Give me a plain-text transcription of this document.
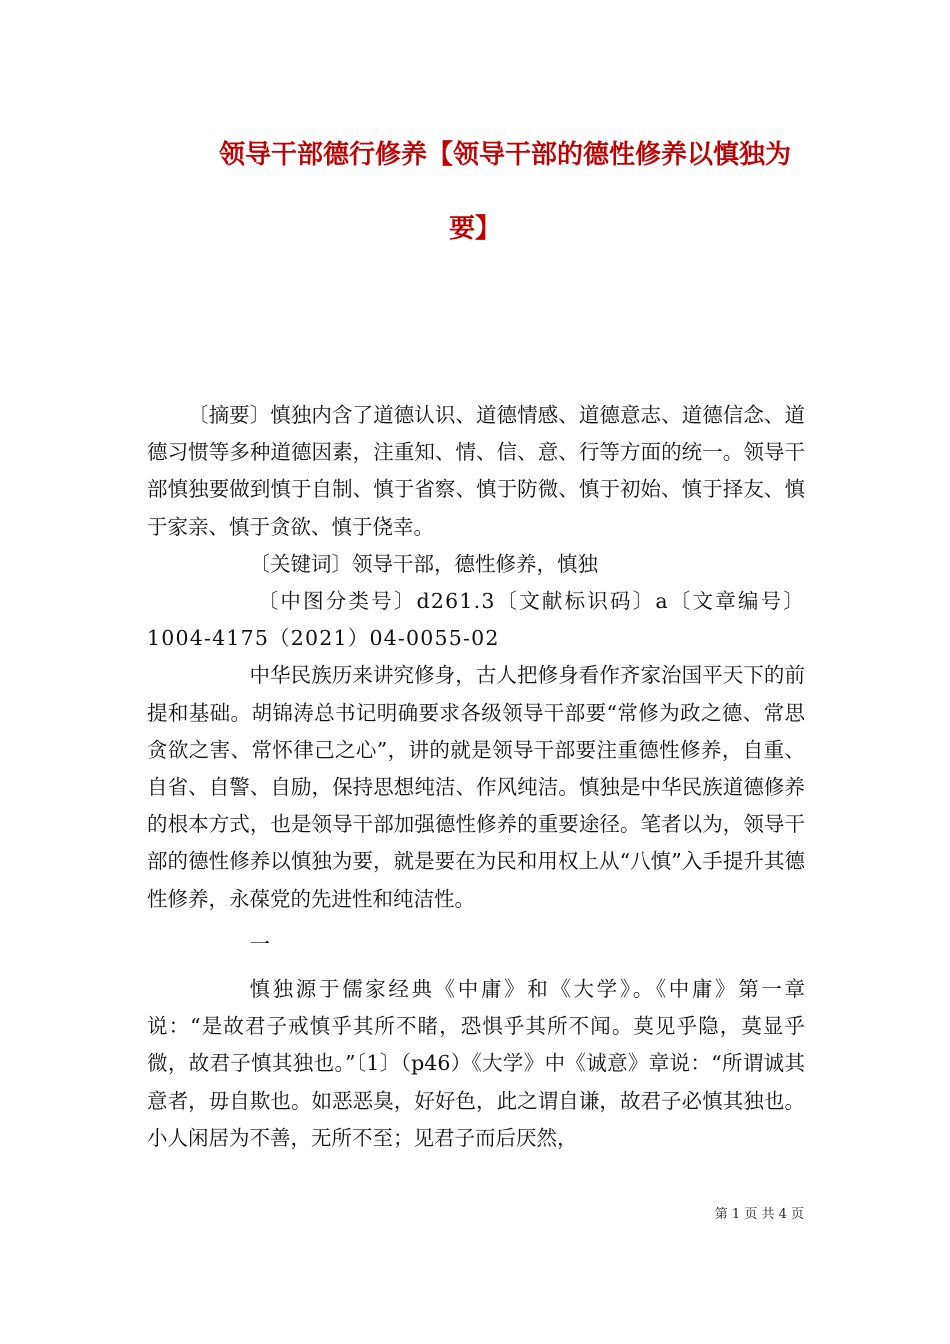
领导干部德行修养【领导干部的德性修养以慎独为
要】

〔摘要〕慎独内含了道德认识、道德情感、道德意志、道德信念、道德习惯等多种道德因素，注重知、情、信、意、行等方面的统一。领导干部慎独要做到慎于自制、慎于省察、慎于防微、慎于初始、慎于择友、慎于家亲、慎于贪欲、慎于侥幸。

〔关键词〕领导干部，德性修养，慎独

〔中图分类号〕d261.3〔文献标识码〕a〔文章编号〕1004-4175（2021）04-0055-02

中华民族历来讲究修身，古人把修身看作齐家治国平天下的前提和基础。胡锦涛总书记明确要求各级领导干部要“常修为政之德、常思贪欲之害、常怀律己之心”，讲的就是领导干部要注重德性修养，自重、自省、自警、自励，保持思想纯洁、作风纯洁。慎独是中华民族道德修养的根本方式，也是领导干部加强德性修养的重要途径。笔者以为，领导干部的德性修养以慎独为要，就是要在为民和用权上从“八慎”入手提升其德性修养，永葆党的先进性和纯洁性。

一

慎独源于儒家经典《中庸》和《大学》。《中庸》第一章说：“是故君子戒慎乎其所不睹，恐惧乎其所不闻。莫见乎隐，莫显乎微，故君子慎其独也。”〔1〕（p46）《大学》中《诚意》章说：“所谓诚其意者，毋自欺也。如恶恶臭，好好色，此之谓自谦，故君子必慎其独也。小人闲居为不善，无所不至；见君子而后厌然，

第 1 页 共 4 页
